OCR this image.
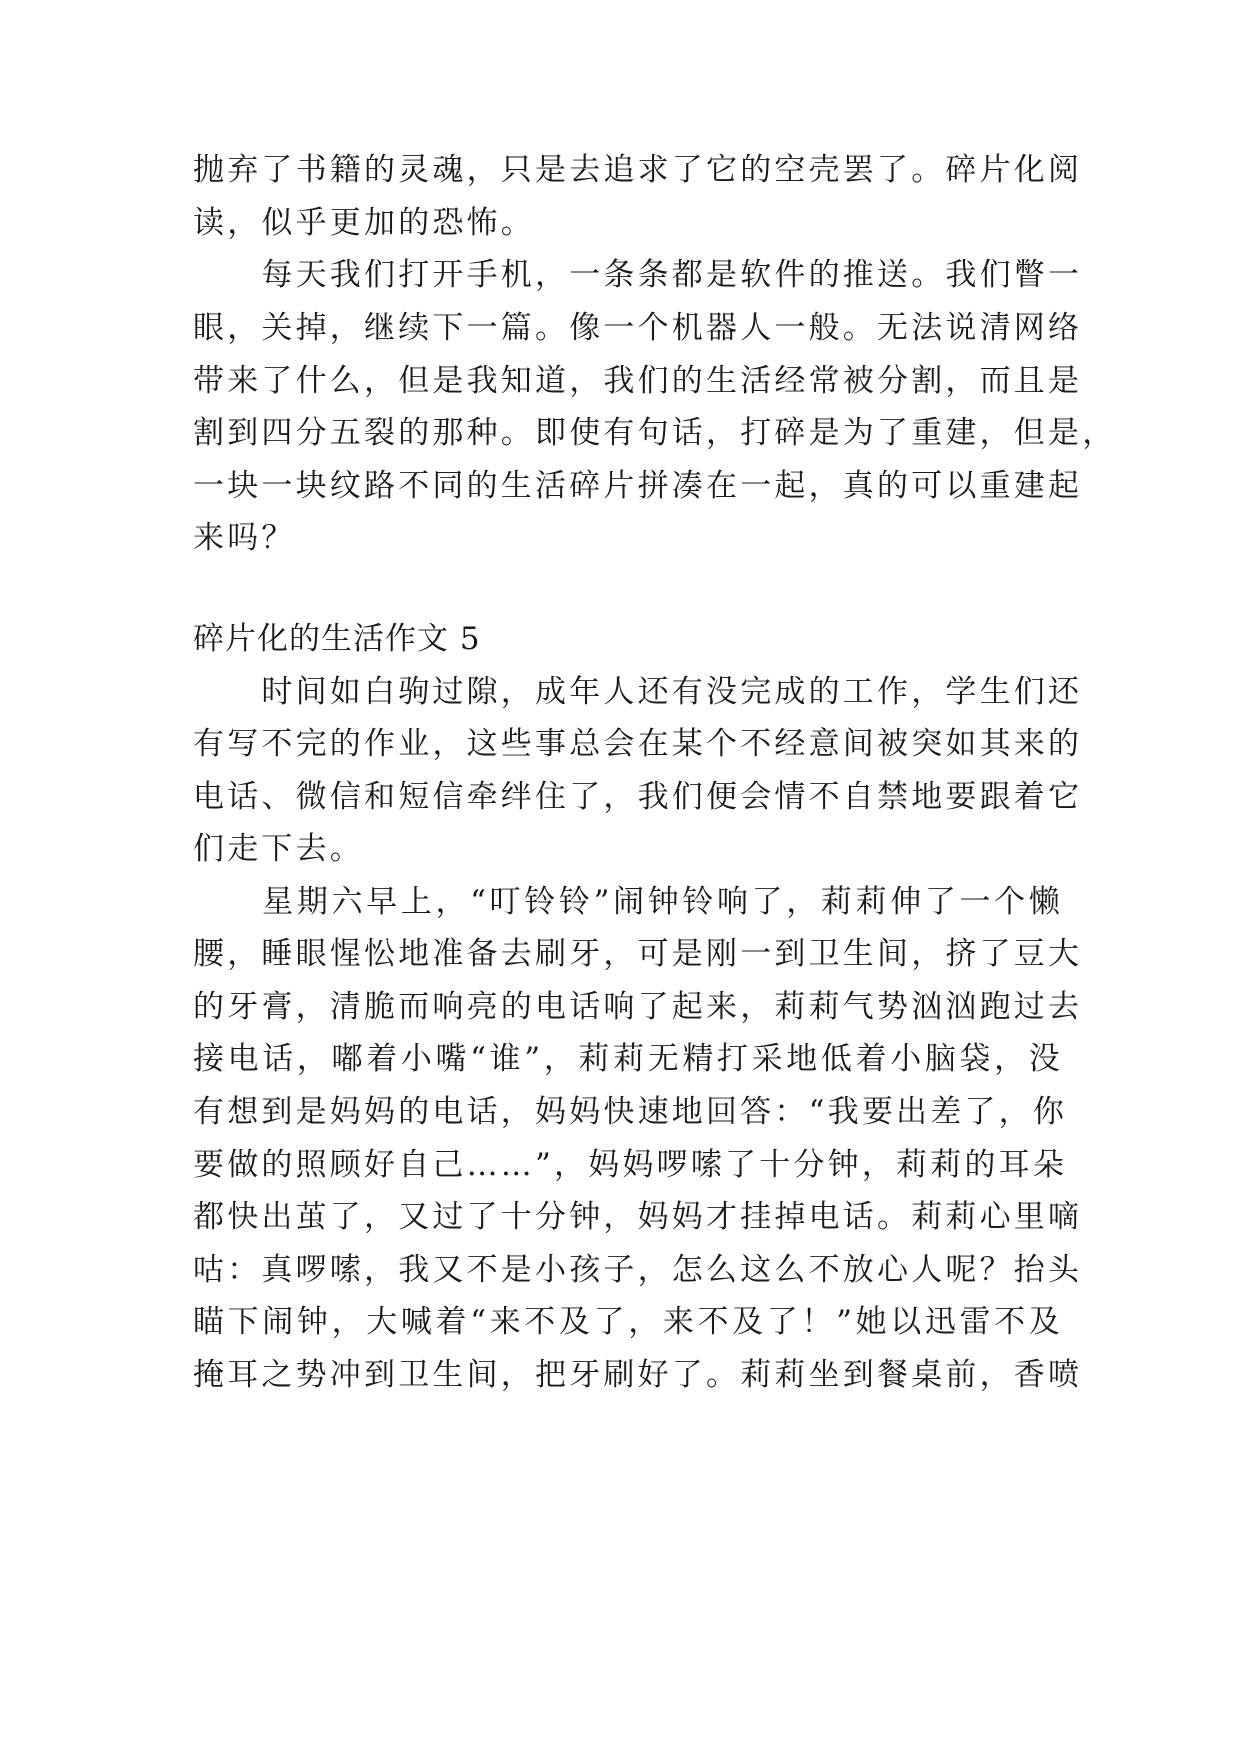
抛弃了书籍的灵魂，只是去追求了它的空壳罢了。碎片化阅
读，似乎更加的恐怖。
　　每天我们打开手机，一条条都是软件的推送。我们瞥一
眼，关掉，继续下一篇。像一个机器人一般。无法说清网络
带来了什么，但是我知道，我们的生活经常被分割，而且是
割到四分五裂的那种。即使有句话，打碎是为了重建，但是，
一块一块纹路不同的生活碎片拼凑在一起，真的可以重建起
来吗？
碎片化的生活作文 5
　　时间如白驹过隙，成年人还有没完成的工作，学生们还
有写不完的作业，这些事总会在某个不经意间被突如其来的
电话、微信和短信牵绊住了，我们便会情不自禁地要跟着它
们走下去。
　　星期六早上，“叮铃铃”闹钟铃响了，莉莉伸了一个懒
腰，睡眼惺忪地准备去刷牙，可是刚一到卫生间，挤了豆大
的牙膏，清脆而响亮的电话响了起来，莉莉气势汹汹跑过去
接电话，嘟着小嘴“谁”，莉莉无精打采地低着小脑袋，没
有想到是妈妈的电话，妈妈快速地回答：“我要出差了，你
要做的照顾好自己……”，妈妈啰嗦了十分钟，莉莉的耳朵
都快出茧了，又过了十分钟，妈妈才挂掉电话。莉莉心里嘀
咕：真啰嗦，我又不是小孩子，怎么这么不放心人呢？抬头
瞄下闹钟，大喊着“来不及了，来不及了！”她以迅雷不及
掩耳之势冲到卫生间，把牙刷好了。莉莉坐到餐桌前，香喷
